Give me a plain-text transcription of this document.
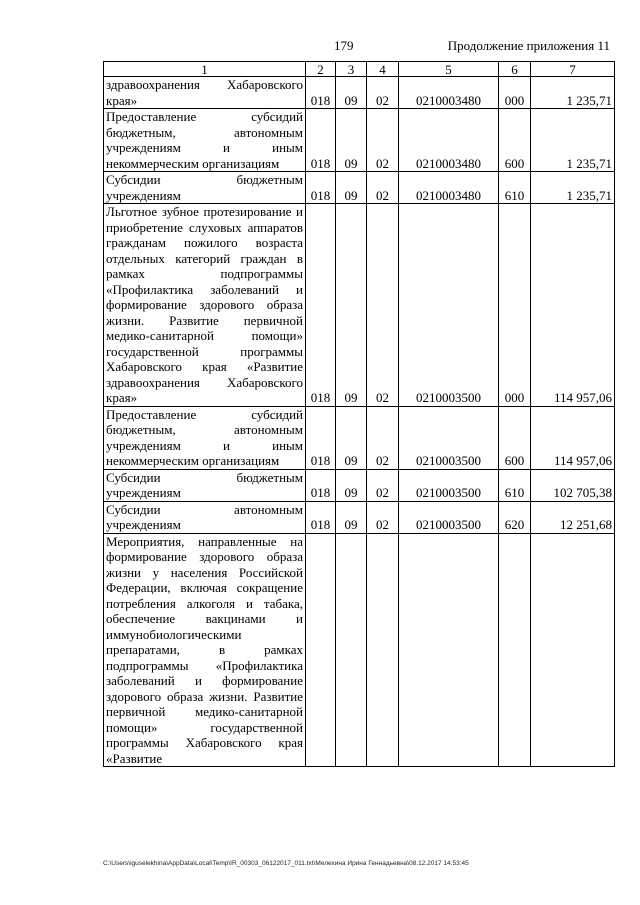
179	Продолжение приложения 11
1	2	3	4	5	6	7
здравоохранения Хабаровского края»	018	09	02	0210003480	000	1 235,71
Предоставление субсидий бюджетным, автономным учреждениям и иным некоммерческим организациям	018	09	02	0210003480	600	1 235,71
Субсидии бюджетным учреждениям	018	09	02	0210003480	610	1 235,71
Льготное зубное протезирование и приобретение слуховых аппаратов гражданам пожилого возраста отдельных категорий граждан в рамках подпрограммы «Профилактика заболеваний и формирование здорового образа жизни. Развитие первичной медико-санитарной помощи» государственной программы Хабаровского края «Развитие здравоохранения Хабаровского края»	018	09	02	0210003500	000	114 957,06
Предоставление субсидий бюджетным, автономным учреждениям и иным некоммерческим организациям	018	09	02	0210003500	600	114 957,06
Субсидии бюджетным учреждениям	018	09	02	0210003500	610	102 705,38
Субсидии автономным учреждениям	018	09	02	0210003500	620	12 251,68
Мероприятия, направленные на формирование здорового образа жизни у населения Российской Федерации, включая сокращение потребления алкоголя и табака, обеспечение вакцинами и иммунобиологическими препаратами, в рамках подпрограммы «Профилактика заболеваний и формирование здорового образа жизни. Развитие первичной медико-санитарной помощи» государственной программы Хабаровского края «Развитие						
C:\Users\iguselekhina\AppData\Local\Temp\IR_00303_06122017_011.txt\Мелехина Ирина Геннадьевна\08.12.2017 14:53:45
